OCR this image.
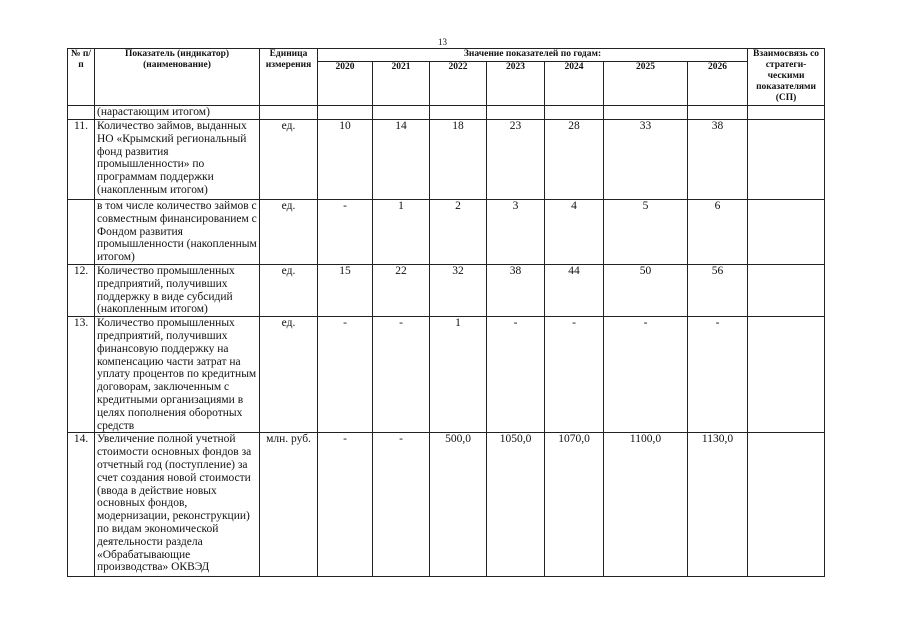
13
№ п/ п	Показатель (индикатор) (наименование)	Единица измерения	Значение показателей по годам:							Взаимосвязь со стратеги- ческими показателями (СП)
			2020	2021	2022	2023	2024	2025	2026	
	(нарастающим итогом)									
11.	Количество займов, выданных НО «Крымский региональный фонд развития промышленности» по программам поддержки (накопленным итогом)	ед.	10	14	18	23	28	33	38	
	в том числе количество займов с совместным финансированием с Фондом развития промышленности (накопленным итогом)	ед.	-	1	2	3	4	5	6	
12.	Количество промышленных предприятий, получивших поддержку в виде субсидий (накопленным итогом)	ед.	15	22	32	38	44	50	56	
13.	Количество промышленных предприятий, получивших финансовую поддержку на компенсацию части затрат на уплату процентов по кредитным договорам, заключенным с кредитными организациями в целях пополнения оборотных средств	ед.	-	-	1	-	-	-	-	
14.	Увеличение полной учетной стоимости основных фондов за отчетный год (поступление) за счет создания новой стоимости (ввода в действие новых основных фондов, модернизации, реконструкции) по видам экономической деятельности раздела «Обрабатывающие производства» ОКВЭД	млн. руб.	-	-	500,0	1050,0	1070,0	1100,0	1130,0	
